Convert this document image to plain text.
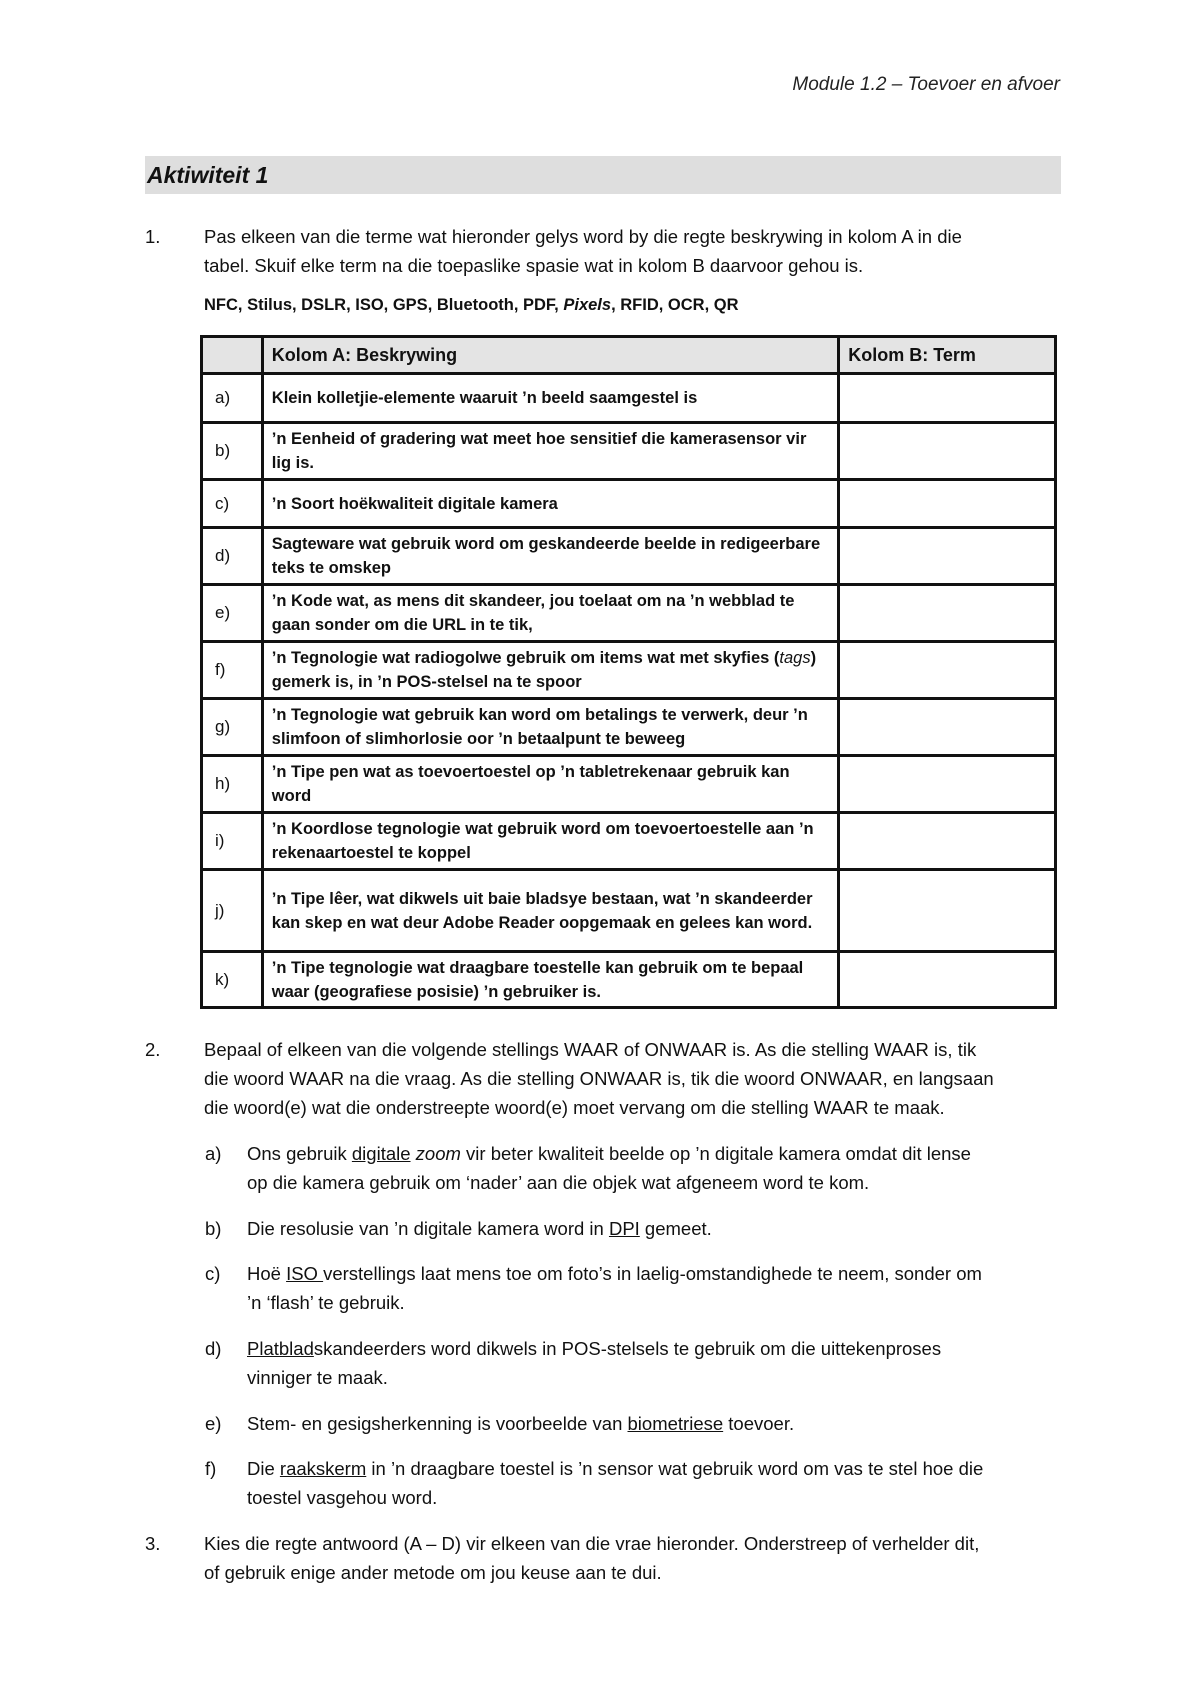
Module 1.2 – Toevoer en afvoer
Aktiwiteit 1
1. Pas elkeen van die terme wat hieronder gelys word by die regte beskrywing in kolom A in die
tabel. Skuif elke term na die toepaslike spasie wat in kolom B daarvoor gehou is.
NFC, Stilus, DSLR, ISO, GPS, Bluetooth, PDF, Pixels, RFID, OCR, QR
	Kolom A: Beskrywing	Kolom B: Term
a)	Klein kolletjie-elemente waaruit ’n beeld saamgestel is	
b)	’n Eenheid of gradering wat meet hoe sensitief die kamerasensor vir lig is.	
c)	’n Soort hoëkwaliteit digitale kamera	
d)	Sagteware wat gebruik word om geskandeerde beelde in redigeerbare teks te omskep	
e)	’n Kode wat, as mens dit skandeer, jou toelaat om na ’n webblad te gaan sonder om die URL in te tik,	
f)	’n Tegnologie wat radiogolwe gebruik om items wat met skyfies (tags) gemerk is, in ’n POS-stelsel na te spoor	
g)	’n Tegnologie wat gebruik kan word om betalings te verwerk, deur ’n slimfoon of slimhorlosie oor ’n betaalpunt te beweeg	
h)	’n Tipe pen wat as toevoertoestel op ’n tabletrekenaar gebruik kan word	
i)	’n Koordlose tegnologie wat gebruik word om toevoertoestelle aan ’n rekenaartoestel te koppel	
j)	’n Tipe lêer, wat dikwels uit baie bladsye bestaan, wat ’n skandeerder kan skep en wat deur Adobe Reader oopgemaak en gelees kan word.	
k)	’n Tipe tegnologie wat draagbare toestelle kan gebruik om te bepaal waar (geografiese posisie) ’n gebruiker is.	
2. Bepaal of elkeen van die volgende stellings WAAR of ONWAAR is. As die stelling WAAR is, tik
die woord WAAR na die vraag. As die stelling ONWAAR is, tik die woord ONWAAR, en langsaan
die woord(e) wat die onderstreepte woord(e) moet vervang om die stelling WAAR te maak.
a) Ons gebruik digitale zoom vir beter kwaliteit beelde op ’n digitale kamera omdat dit lense
op die kamera gebruik om ‘nader’ aan die objek wat afgeneem word te kom.
b) Die resolusie van ’n digitale kamera word in DPI gemeet.
c) Hoë ISO verstellings laat mens toe om foto’s in laelig-omstandighede te neem, sonder om
’n ‘flash’ te gebruik.
d) Platbladskandeerders word dikwels in POS-stelsels te gebruik om die uittekenproses
vinniger te maak.
e) Stem- en gesigsherkenning is voorbeelde van biometriese toevoer.
f) Die raakskerm in ’n draagbare toestel is ’n sensor wat gebruik word om vas te stel hoe die
toestel vasgehou word.
3. Kies die regte antwoord (A – D) vir elkeen van die vrae hieronder. Onderstreep of verhelder dit,
of gebruik enige ander metode om jou keuse aan te dui.
